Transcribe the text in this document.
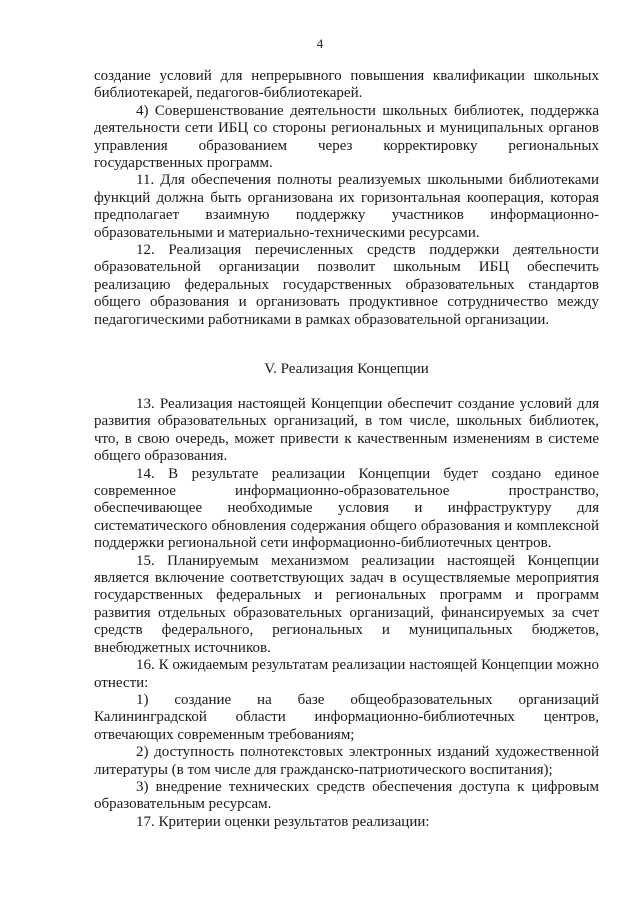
4

создание условий для непрерывного повышения квалификации школьных библиотекарей, педагогов-библиотекарей.

4) Совершенствование деятельности школьных библиотек, поддержка деятельности сети ИБЦ со стороны региональных и муниципальных органов управления образованием через корректировку региональных государственных программ.

11. Для обеспечения полноты реализуемых школьными библиотеками функций должна быть организована их горизонтальная кооперация, которая предполагает взаимную поддержку участников информационно-образовательными и материально-техническими ресурсами.

12. Реализация перечисленных средств поддержки деятельности образовательной организации позволит школьным ИБЦ обеспечить реализацию федеральных государственных образовательных стандартов общего образования и организовать продуктивное сотрудничество между педагогическими работниками в рамках образовательной организации.

V. Реализация Концепции

13. Реализация настоящей Концепции обеспечит создание условий для развития образовательных организаций, в том числе, школьных библиотек, что, в свою очередь, может привести к качественным изменениям в системе общего образования.

14. В результате реализации Концепции будет создано единое современное информационно-образовательное пространство, обеспечивающее необходимые условия и инфраструктуру для систематического обновления содержания общего образования и комплексной поддержки региональной сети информационно-библиотечных центров.

15. Планируемым механизмом реализации настоящей Концепции является включение соответствующих задач в осуществляемые мероприятия государственных федеральных и региональных программ и программ развития отдельных образовательных организаций, финансируемых за счет средств федерального, региональных и муниципальных бюджетов, внебюджетных источников.

16. К ожидаемым результатам реализации настоящей Концепции можно отнести:

1) создание на базе общеобразовательных организаций Калининградской области информационно-библиотечных центров, отвечающих современным требованиям;

2) доступность полнотекстовых электронных изданий художественной литературы (в том числе для гражданско-патриотического воспитания);

3) внедрение технических средств обеспечения доступа к цифровым образовательным ресурсам.

17. Критерии оценки результатов реализации:
